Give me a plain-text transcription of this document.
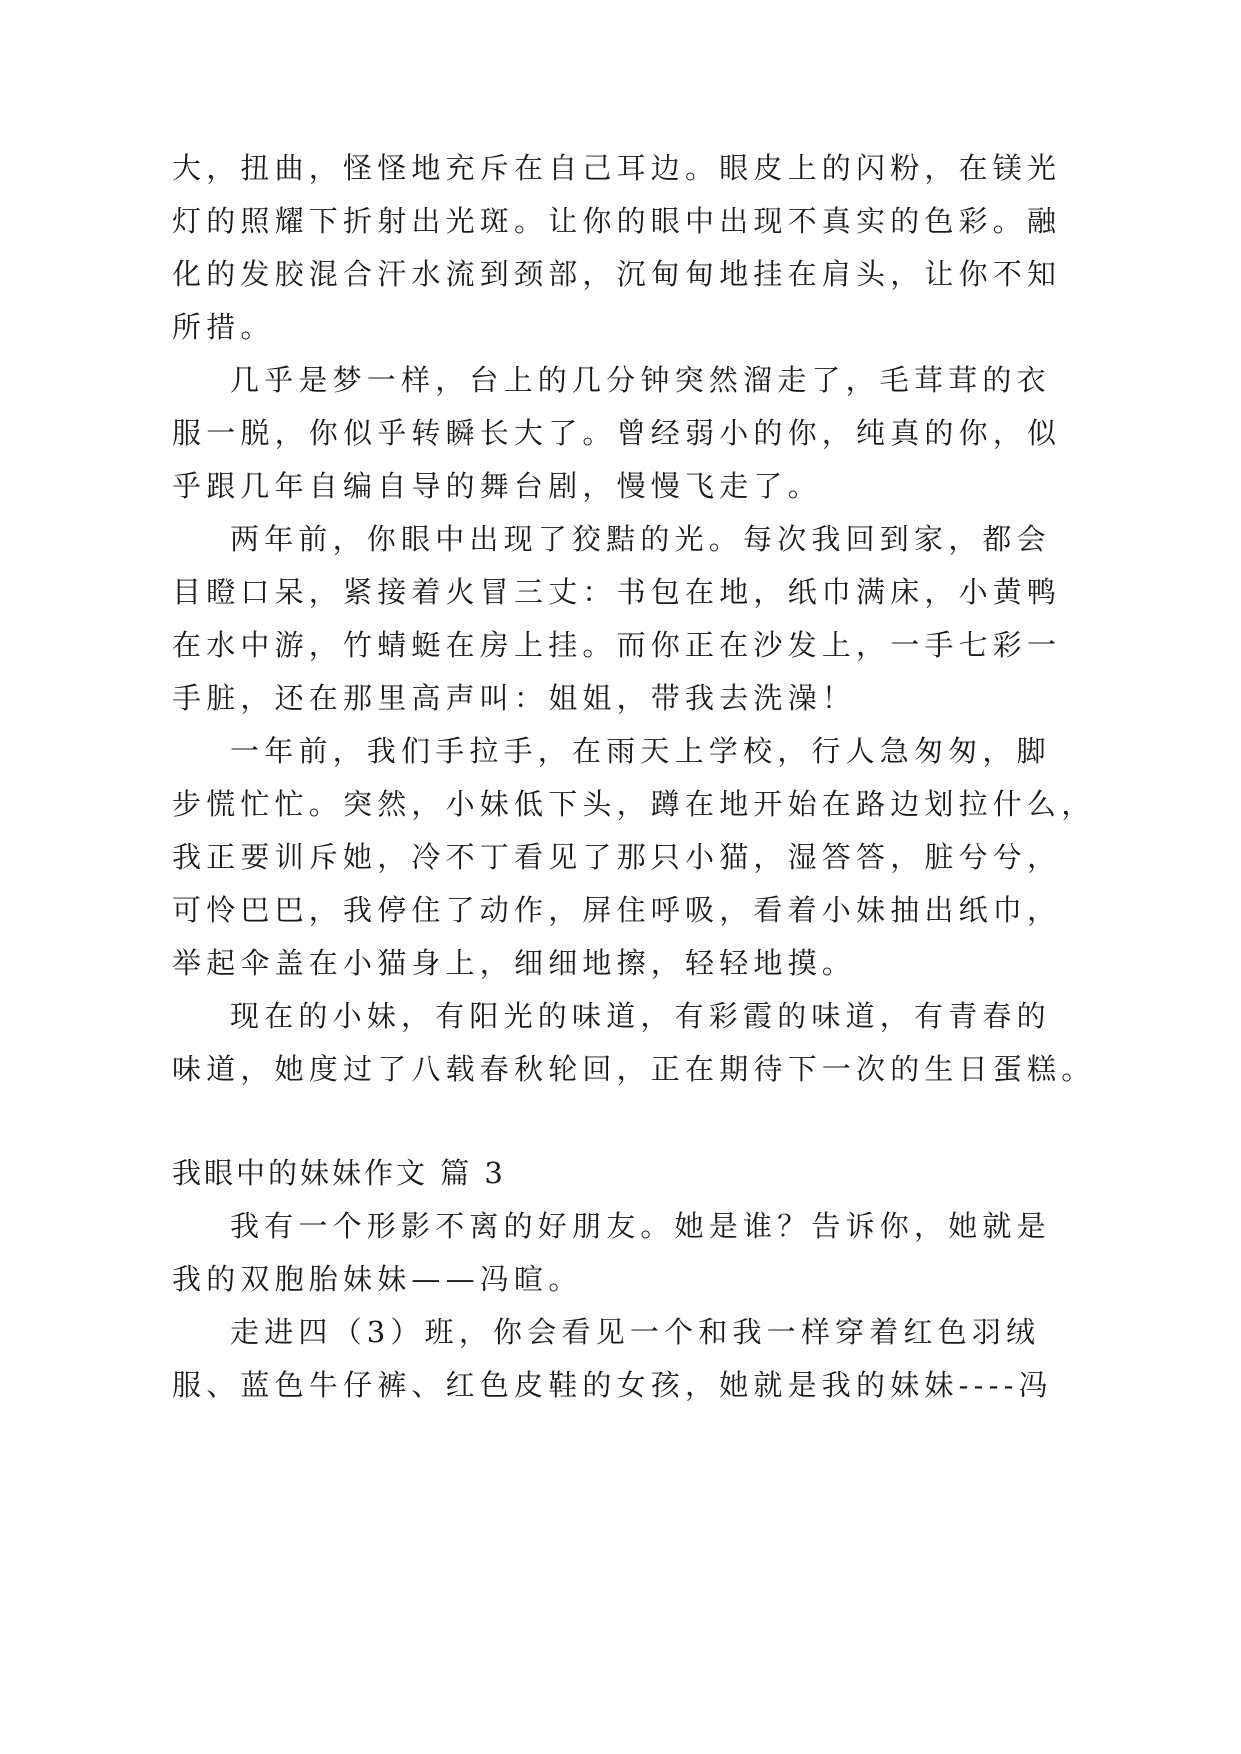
大，扭曲，怪怪地充斥在自己耳边。眼皮上的闪粉，在镁光
灯的照耀下折射出光斑。让你的眼中出现不真实的色彩。融
化的发胶混合汗水流到颈部，沉甸甸地挂在肩头，让你不知
所措。
几乎是梦一样，台上的几分钟突然溜走了，毛茸茸的衣
服一脱，你似乎转瞬长大了。曾经弱小的你，纯真的你，似
乎跟几年自编自导的舞台剧，慢慢飞走了。
两年前，你眼中出现了狡黠的光。每次我回到家，都会
目瞪口呆，紧接着火冒三丈：书包在地，纸巾满床，小黄鸭
在水中游，竹蜻蜓在房上挂。而你正在沙发上，一手七彩一
手脏，还在那里高声叫：姐姐，带我去洗澡！
一年前，我们手拉手，在雨天上学校，行人急匆匆，脚
步慌忙忙。突然，小妹低下头，蹲在地开始在路边划拉什么，
我正要训斥她，冷不丁看见了那只小猫，湿答答，脏兮兮，
可怜巴巴，我停住了动作，屏住呼吸，看着小妹抽出纸巾，
举起伞盖在小猫身上，细细地擦，轻轻地摸。
现在的小妹，有阳光的味道，有彩霞的味道，有青春的
味道，她度过了八载春秋轮回，正在期待下一次的生日蛋糕。
我眼中的妹妹作文 篇 3
我有一个形影不离的好朋友。她是谁？告诉你，她就是
我的双胞胎妹妹——冯暄。
走进四（3）班，你会看见一个和我一样穿着红色羽绒
服、蓝色牛仔裤、红色皮鞋的女孩，她就是我的妹妹----冯
